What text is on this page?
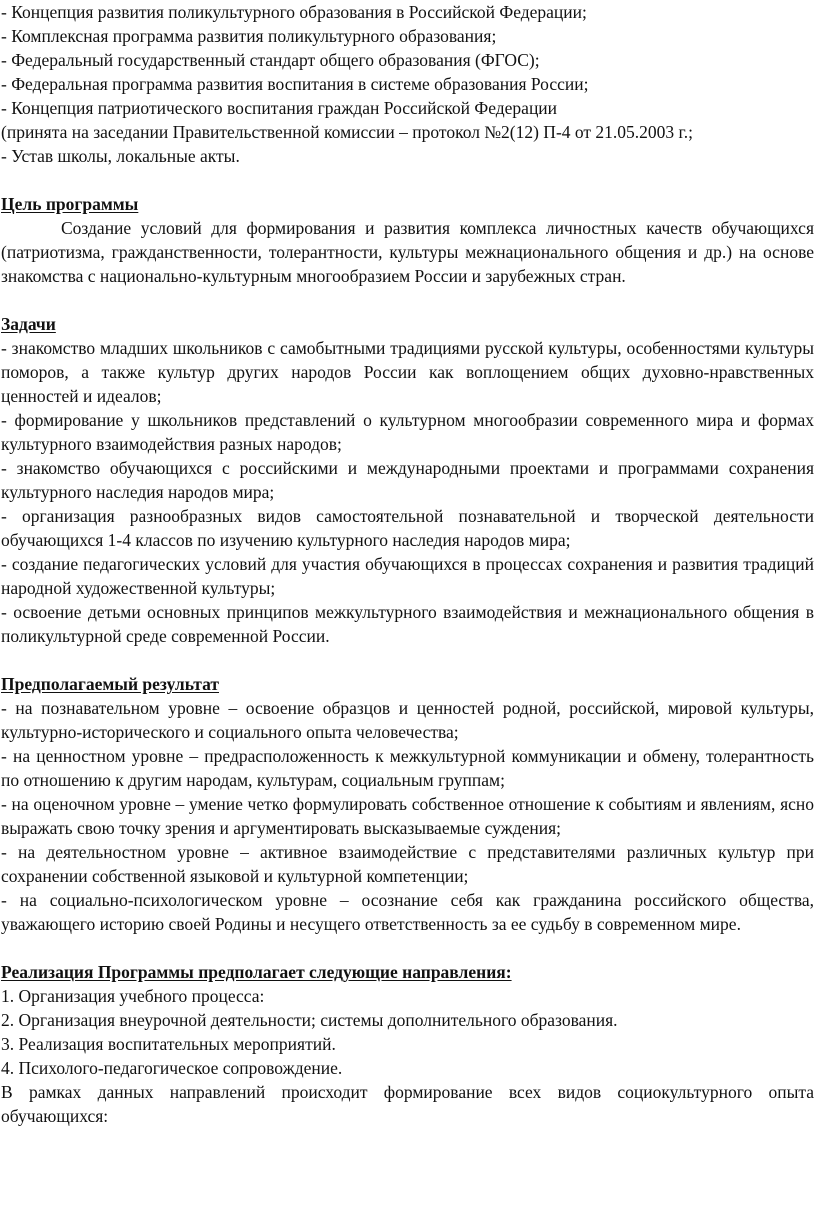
- Концепция развития поликультурного образования в Российской Федерации;

- Комплексная программа развития поликультурного образования;

- Федеральный государственный стандарт общего образования (ФГОС);

- Федеральная программа развития воспитания в системе образования России;

- Концепция патриотического воспитания граждан Российской Федерации

(принята на заседании Правительственной комиссии – протокол №2(12) П-4 от 21.05.2003 г.;

- Устав школы, локальные акты.

Цель программы

Создание условий для формирования и развития комплекса личностных качеств обучающихся (патриотизма, гражданственности, толерантности, культуры межнационального общения и др.) на основе знакомства с национально-культурным многообразием России и зарубежных стран.

Задачи

- знакомство младших школьников с самобытными традициями русской культуры, особенностями культуры поморов, а также культур других народов России как воплощением общих духовно-нравственных ценностей и идеалов;

- формирование у школьников представлений о культурном многообразии современного мира и формах культурного взаимодействия разных народов;

- знакомство обучающихся с российскими и международными проектами и программами сохранения культурного наследия народов мира;

- организация разнообразных видов самостоятельной познавательной и творческой деятельности обучающихся 1-4 классов по изучению культурного наследия народов мира;

- создание педагогических условий для участия обучающихся в процессах сохранения и развития традиций народной художественной культуры;

- освоение детьми основных принципов межкультурного взаимодействия и межнационального общения в поликультурной среде современной России.

Предполагаемый результат

- на познавательном уровне – освоение образцов и ценностей родной, российской, мировой культуры, культурно-исторического и социального опыта человечества;

- на ценностном уровне – предрасположенность к межкультурной коммуникации и обмену, толерантность по отношению к другим народам, культурам, социальным группам;

- на оценочном уровне – умение четко формулировать собственное отношение к событиям и явлениям, ясно выражать свою точку зрения и аргументировать высказываемые суждения;

- на деятельностном уровне – активное взаимодействие с представителями различных культур при сохранении собственной языковой и культурной компетенции;

- на социально-психологическом уровне – осознание себя как гражданина российского общества, уважающего историю своей Родины и несущего ответственность за ее судьбу в современном мире.

Реализация Программы предполагает следующие направления:

1. Организация учебного процесса:

2. Организация внеурочной деятельности; системы дополнительного образования.

3. Реализация воспитательных мероприятий.

4. Психолого-педагогическое сопровождение.

В рамках данных направлений происходит формирование всех видов социокультурного опыта обучающихся:
